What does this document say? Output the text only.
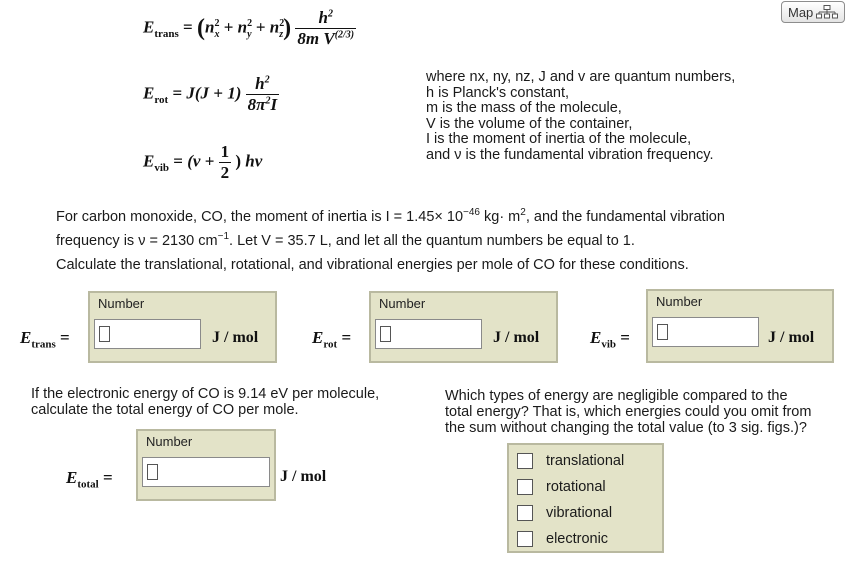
Map
$E_{trans} = (n^2_x + n^2_y + n^2_z) \frac{h^2}{8m V^{(2/3)}}$
$E_{rot} = J(J + 1) \frac{h^2}{8\pi^2I}$
$E_{vib} = (v + \frac{1}{2}$ ) hν
where nx, ny, nz, J and v are quantum numbers,
h is Planck's constant,
m is the mass of the molecule,
V is the volume of the container,
I is the moment of inertia of the molecule,
and ν is the fundamental vibration frequency.
For carbon monoxide, CO, the moment of inertia is $I = 1.45\times 10^{-46}$ $kg\cdot m^2$, and the fundamental vibration
frequency is ν = 2130 $cm^{-1}$. Let V = 35.7 L, and let all the quantum numbers be equal to 1.
Calculate the translational, rotational, and vibrational energies per mole of CO for these conditions.
$E_{trans}$ =
Number
J / mol	$E_{rot}$ =
Number
J / mol	$E_{vib}$ =
Number
J / mol
If the electronic energy of CO is 9.14 eV per molecule,
calculate the total energy of CO per mole.
$E_{total}$ =
Number
J / mol
Which types of energy are negligible compared to the
total energy? That is, which energies could you omit from
the sum without changing the total value (to 3 sig. figs.)?
translational
rotational
vibrational
electronic
